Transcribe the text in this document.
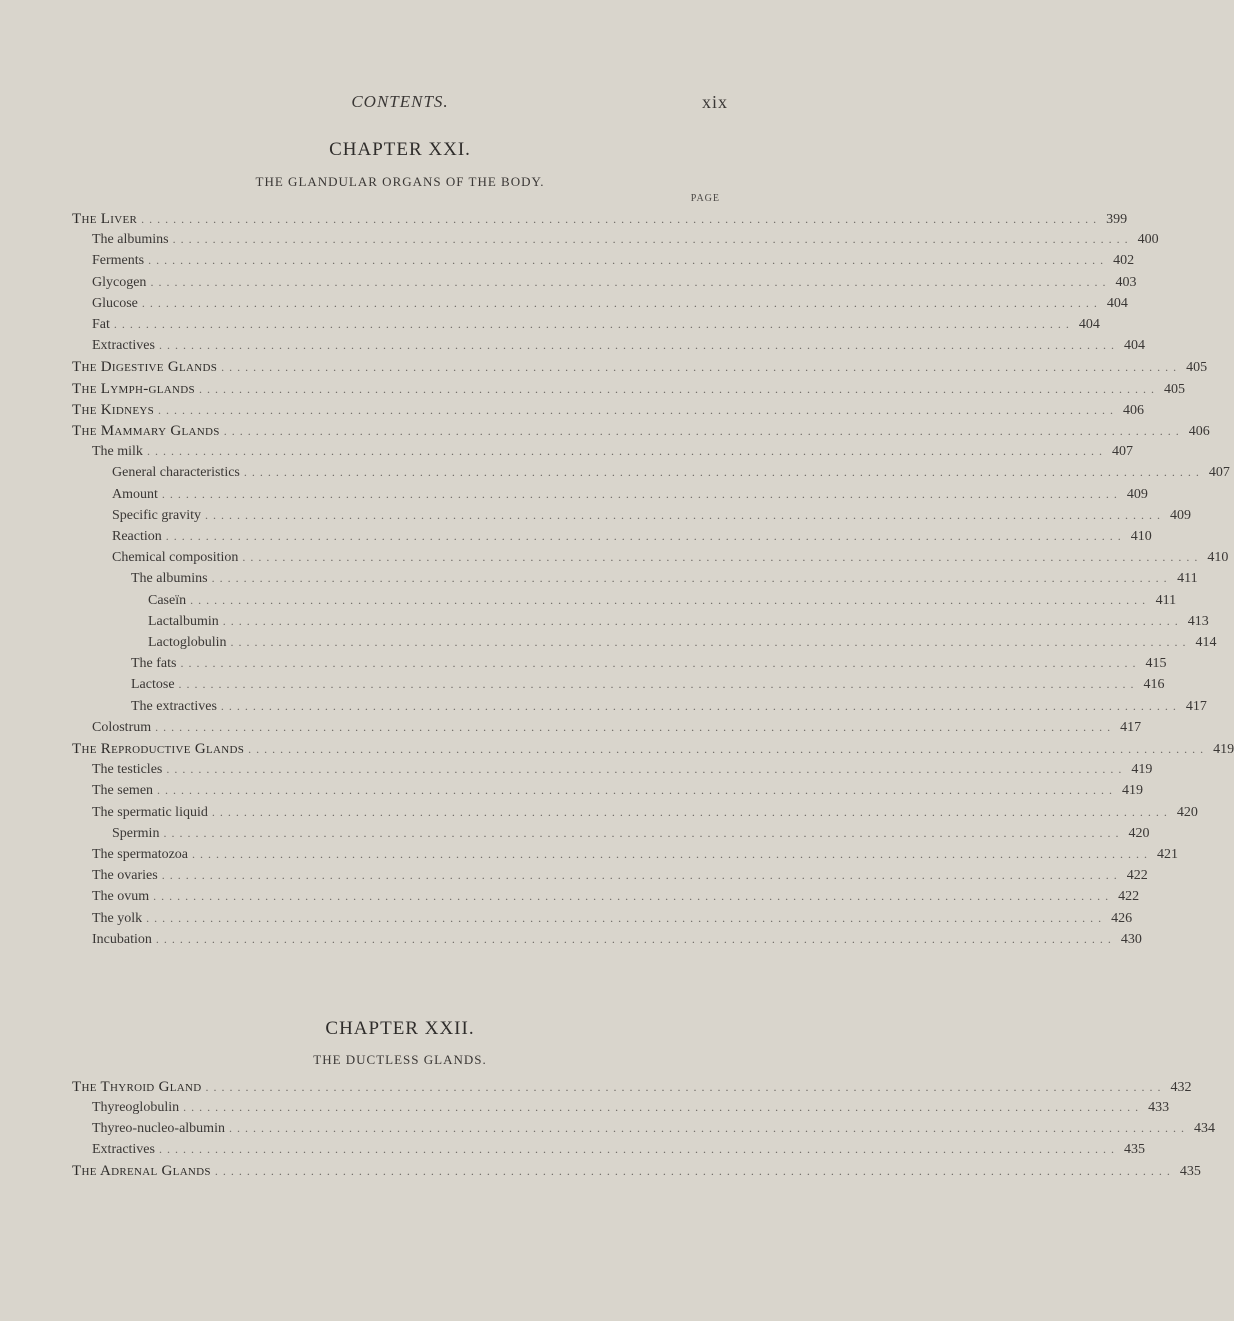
CONTENTS.	xix
CHAPTER XXI.
THE GLANDULAR ORGANS OF THE BODY.
PAGE
The Liver ........................................................................................................................ 399
The albumins ........................................................................................................................ 400
Ferments ........................................................................................................................ 402
Glycogen ........................................................................................................................ 403
Glucose ........................................................................................................................ 404
Fat ........................................................................................................................ 404
Extractives ........................................................................................................................ 404
The Digestive Glands ........................................................................................................................ 405
The Lymph-glands ........................................................................................................................ 405
The Kidneys ........................................................................................................................ 406
The Mammary Glands ........................................................................................................................ 406
The milk ........................................................................................................................ 407
General characteristics ........................................................................................................................ 407
Amount ........................................................................................................................ 409
Specific gravity ........................................................................................................................ 409
Reaction ........................................................................................................................ 410
Chemical composition ........................................................................................................................ 410
The albumins ........................................................................................................................ 411
Caseïn ........................................................................................................................ 411
Lactalbumin ........................................................................................................................ 413
Lactoglobulin ........................................................................................................................ 414
The fats ........................................................................................................................ 415
Lactose ........................................................................................................................ 416
The extractives ........................................................................................................................ 417
Colostrum ........................................................................................................................ 417
The Reproductive Glands ........................................................................................................................ 419
The testicles ........................................................................................................................ 419
The semen ........................................................................................................................ 419
The spermatic liquid ........................................................................................................................ 420
Spermin ........................................................................................................................ 420
The spermatozoa ........................................................................................................................ 421
The ovaries ........................................................................................................................ 422
The ovum ........................................................................................................................ 422
The yolk ........................................................................................................................ 426
Incubation ........................................................................................................................ 430
CHAPTER XXII.
THE DUCTLESS GLANDS.
The Thyroid Gland ........................................................................................................................ 432
Thyreoglobulin ........................................................................................................................ 433
Thyreo-nucleo-albumin ........................................................................................................................ 434
Extractives ........................................................................................................................ 435
The Adrenal Glands ........................................................................................................................ 435
